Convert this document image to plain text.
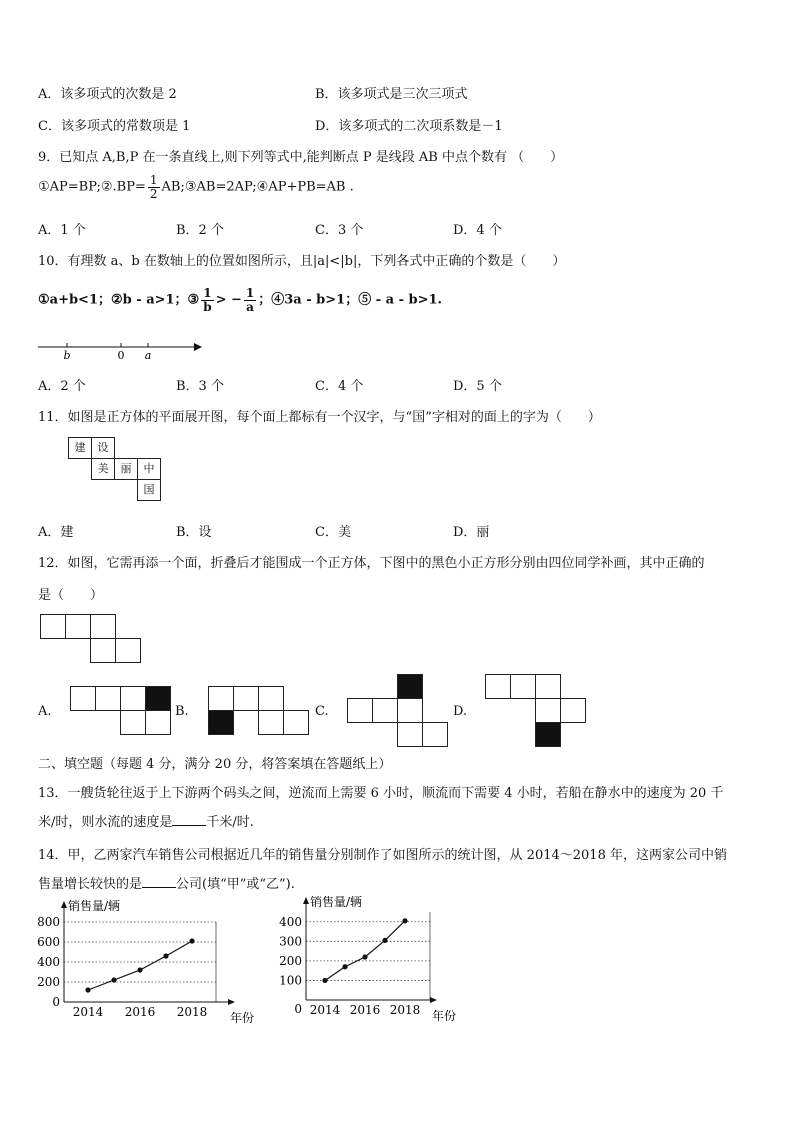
A．该多项式的次数是 2	B．该多项式是三次三项式
C．该多项式的常数项是 1	D．该多项式的二次项系数是－1
9．已知点 A,B,P 在一条直线上,则下列等式中,能判断点 P 是线段 AB 中点个数有 （　　）
①AP=BP;②.BP= $\frac{1}{2}$ AB;③AB=2AP;④AP+PB=AB .
A．1 个	B．2 个	C．3 个	D．4 个
10．有理数 a、b 在数轴上的位置如图所示，且|a|<|b|，下列各式中正确的个数是（　　）
①a+b<1；②b - a>1；③ $\frac{1}{b}$ > − $\frac{1}{a}$ ；④3a - b>1；⑤ - a - b>1.
b	0 a
A．2 个	B．3 个	C．4 个	D．5 个
11．如图是正方体的平面展开图，每个面上都标有一个汉字，与“国”字相对的面上的字为（　　）
建	设
美	丽	中
国
A．建	B．设	C．美	D．丽
12．如图，它需再添一个面，折叠后才能围成一个正方体，下图中的黑色小正方形分别由四位同学补画，其中正确的
是（　　）
A.	B.	C.	D.
二、填空题（每题 4 分，满分 20 分，将答案填在答题纸上）
13．一艘货轮往返于上下游两个码头之间，逆流而上需要 6 小时，顺流而下需要 4 小时，若船在静水中的速度为 20 千
米/时，则水流的速度是	千米/时.
14．甲，乙两家汽车销售公司根据近几年的销售量分别制作了如图所示的统计图，从 2014～2018 年，这两家公司中销
售量增长较快的是	公司(填“甲”或“乙”).
0
200
400
600
800
2014 2016 2018
销售量/辆
年份
100
200
300
400
0 2014 2016 2018
销售量/辆
年份
